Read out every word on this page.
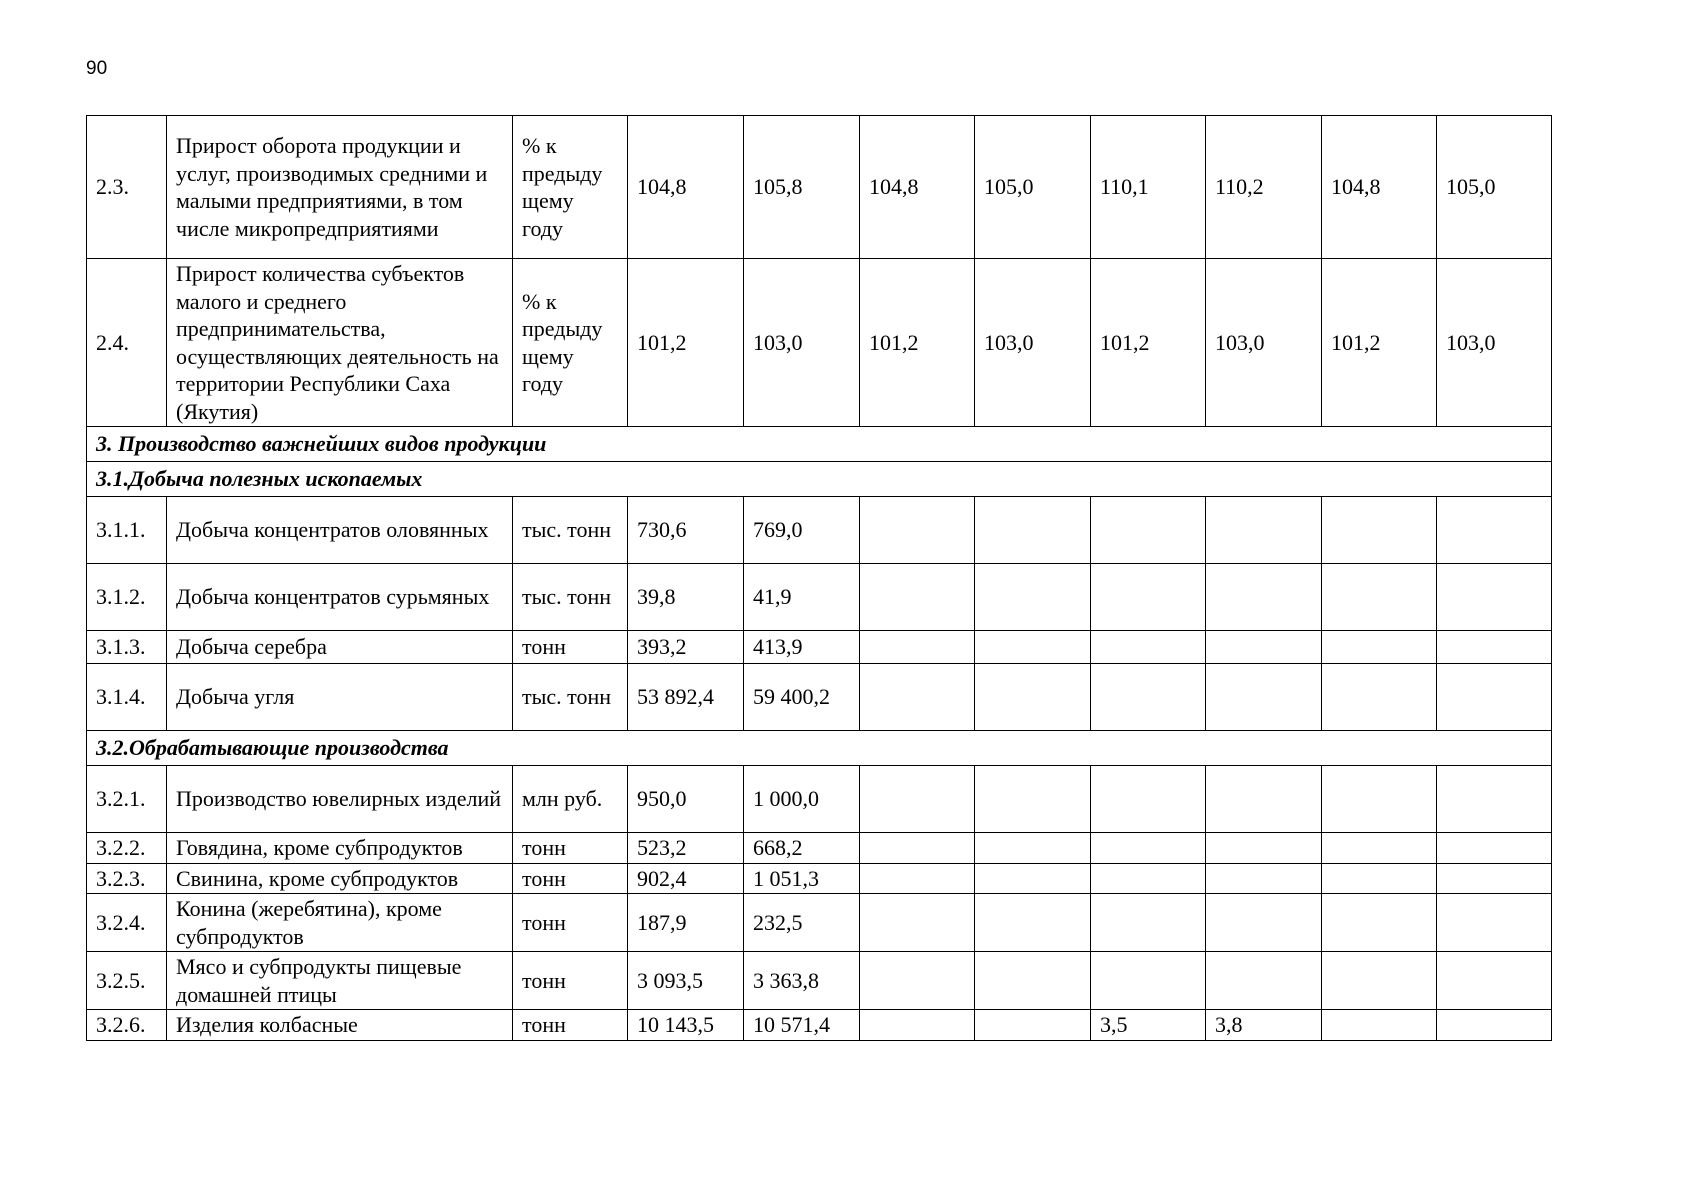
90
2.3.	Прирост оборота продукции и услуг, производимых средними и малыми предприятиями, в том числе микропредприятиями	% к предыду щему году	104,8	105,8	104,8	105,0	110,1	110,2	104,8	105,0
2.4.	Прирост количества субъектов малого и среднего предпринимательства, осуществляющих деятельность на территории Республики Саха (Якутия)	% к предыду щему году	101,2	103,0	101,2	103,0	101,2	103,0	101,2	103,0
3. Производство важнейших видов продукции										
3.1.Добыча полезных ископаемых										
3.1.1.	Добыча концентратов оловянных	тыс. тонн	730,6	769,0						
3.1.2.	Добыча концентратов сурьмяных	тыс. тонн	39,8	41,9						
3.1.3.	Добыча серебра	тонн	393,2	413,9						
3.1.4.	Добыча угля	тыс. тонн	53 892,4	59 400,2						
3.2.Обрабатывающие производства										
3.2.1.	Производство ювелирных изделий	млн руб.	950,0	1 000,0						
3.2.2.	Говядина, кроме субпродуктов	тонн	523,2	668,2						
3.2.3.	Свинина, кроме субпродуктов	тонн	902,4	1 051,3						
3.2.4.	Конина (жеребятина), кроме субпродуктов	тонн	187,9	232,5						
3.2.5.	Мясо и субпродукты пищевые домашней птицы	тонн	3 093,5	3 363,8						
3.2.6.	Изделия колбасные	тонн	10 143,5	10 571,4			3,5	3,8		
